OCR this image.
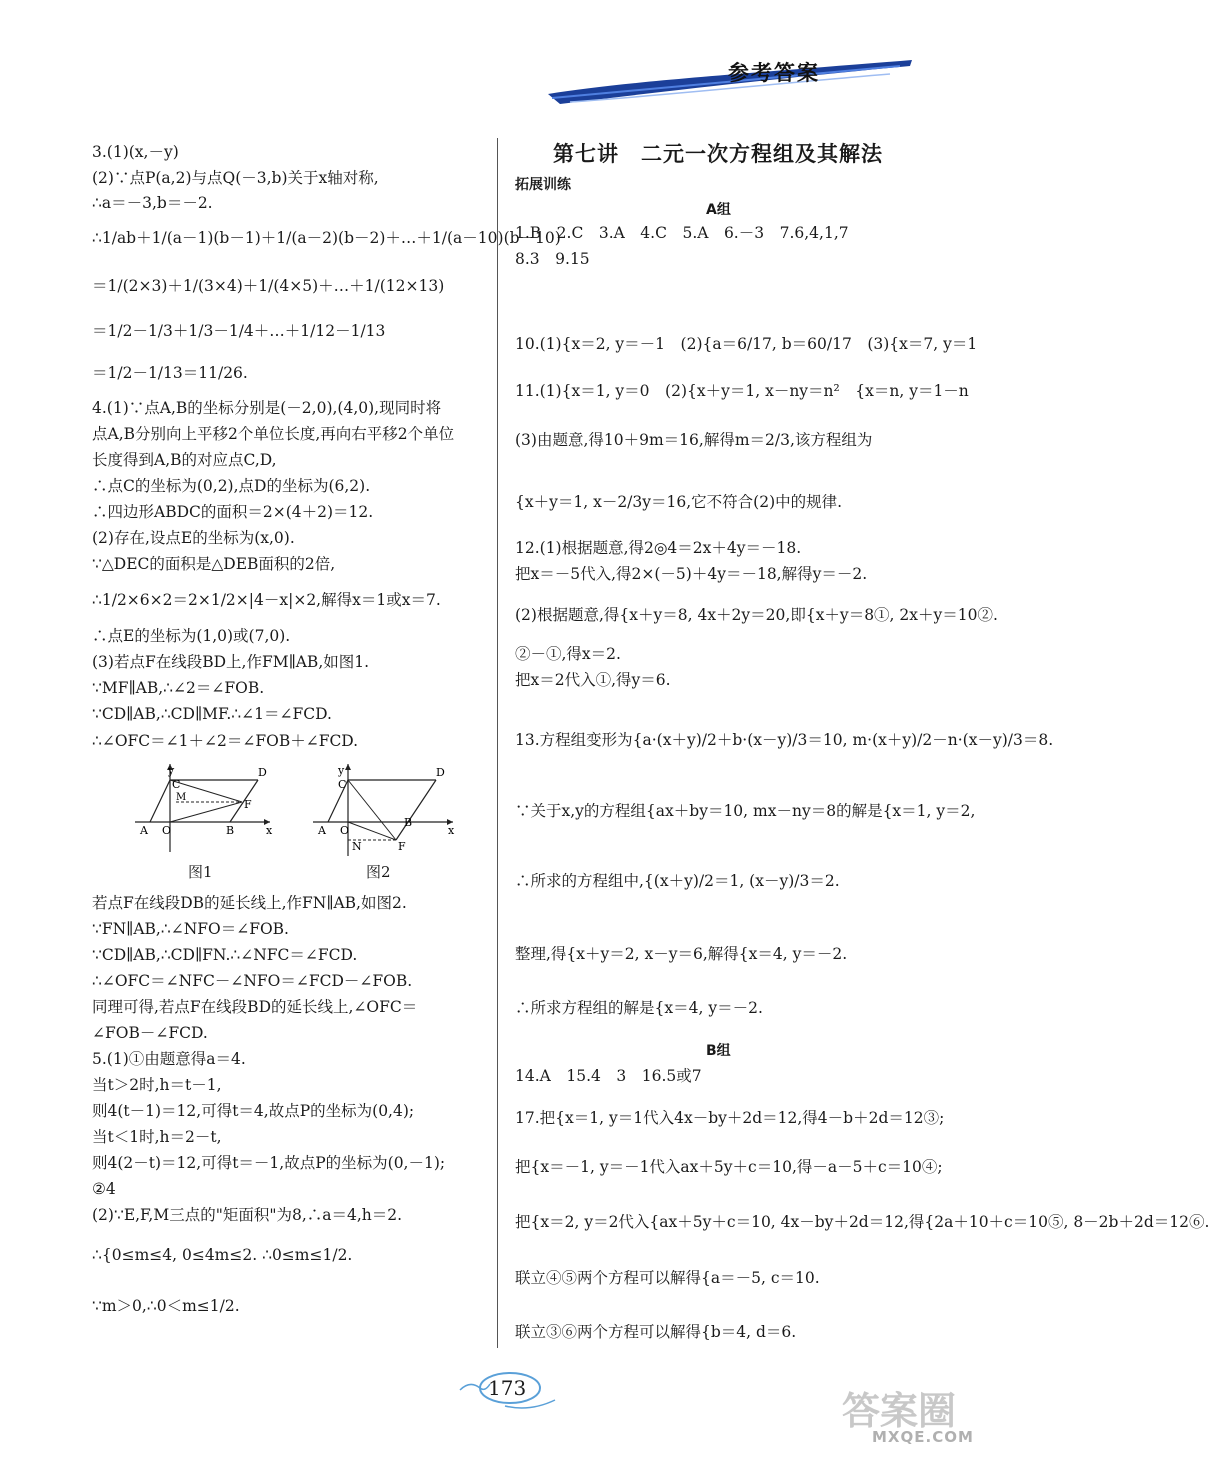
参考答案
3.(1)(x,－y)
(2)∵点P(a,2)与点Q(－3,b)关于x轴对称,
∴a＝－3,b＝－2.
∴1/ab＋1/(a－1)(b－1)＋1/(a－2)(b－2)＋…＋1/(a－10)(b－10)
＝1/(2×3)＋1/(3×4)＋1/(4×5)＋…＋1/(12×13)
＝1/2－1/3＋1/3－1/4＋…＋1/12－1/13
＝1/2－1/13＝11/26.
4.(1)∵点A,B的坐标分别是(－2,0),(4,0),现同时将
点A,B分别向上平移2个单位长度,再向右平移2个单位
长度得到A,B的对应点C,D,
∴点C的坐标为(0,2),点D的坐标为(6,2).
∴四边形ABDC的面积＝2×(4＋2)＝12.
(2)存在,设点E的坐标为(x,0).
∵△DEC的面积是△DEB面积的2倍,
∴1/2×6×2＝2×1/2×|4－x|×2,解得x＝1或x＝7.
∴点E的坐标为(1,0)或(7,0).
(3)若点F在线段BD上,作FM∥AB,如图1.
∵MF∥AB,∴∠2＝∠FOB.
∵CD∥AB,∴CD∥MF.∴∠1＝∠FCD.
∴∠OFC＝∠1＋∠2＝∠FOB＋∠FCD.
y
C
D
M
F
A O	B	x
图1
y
C
D
A O
B
x
N	F
图2
若点F在线段DB的延长线上,作FN∥AB,如图2.
∵FN∥AB,∴∠NFO＝∠FOB.
∵CD∥AB,∴CD∥FN.∴∠NFC＝∠FCD.
∴∠OFC＝∠NFC－∠NFO＝∠FCD－∠FOB.
同理可得,若点F在线段BD的延长线上,∠OFC＝
∠FOB－∠FCD.
5.(1)①由题意得a＝4.
当t＞2时,h＝t－1,
则4(t－1)＝12,可得t＝4,故点P的坐标为(0,4);
当t＜1时,h＝2－t,
则4(2－t)＝12,可得t＝－1,故点P的坐标为(0,－1);
②4
(2)∵E,F,M三点的"矩面积"为8,∴a＝4,h＝2.
∴{0≤m≤4, 0≤4m≤2. ∴0≤m≤1/2.
∵m＞0,∴0＜m≤1/2.
第七讲　二元一次方程组及其解法
拓展训练
A组
1.B　2.C　3.A　4.C　5.A　6.－3　7.6,4,1,7
8.3　9.15
10.(1){x＝2, y＝－1　(2){a＝6/17, b＝60/17　(3){x＝7, y＝1
11.(1){x＝1, y＝0　(2){x＋y＝1, x－ny＝n²　{x＝n, y＝1－n
(3)由题意,得10＋9m＝16,解得m＝2/3,该方程组为
{x＋y＝1, x－2/3y＝16,它不符合(2)中的规律.
12.(1)根据题意,得2◎4＝2x＋4y＝－18.
把x＝－5代入,得2×(－5)＋4y＝－18,解得y＝－2.
(2)根据题意,得{x＋y＝8, 4x＋2y＝20,即{x＋y＝8①, 2x＋y＝10②.
②－①,得x＝2.
把x＝2代入①,得y＝6.
13.方程组变形为{a·(x＋y)/2＋b·(x－y)/3＝10, m·(x＋y)/2－n·(x－y)/3＝8.
∵关于x,y的方程组{ax＋by＝10, mx－ny＝8的解是{x＝1, y＝2,
∴所求的方程组中,{(x＋y)/2＝1, (x－y)/3＝2.
整理,得{x＋y＝2, x－y＝6,解得{x＝4, y＝－2.
∴所求方程组的解是{x＝4, y＝－2.
B组
14.A　15.4　3　16.5或7
17.把{x＝1, y＝1代入4x－by＋2d＝12,得4－b＋2d＝12③;
把{x＝－1, y＝－1代入ax＋5y＋c＝10,得－a－5＋c＝10④;
把{x＝2, y＝2代入{ax＋5y＋c＝10, 4x－by＋2d＝12,得{2a＋10＋c＝10⑤, 8－2b＋2d＝12⑥.
联立④⑤两个方程可以解得{a＝－5, c＝10.
联立③⑥两个方程可以解得{b＝4, d＝6.
173
答案圈
MXQE.COM
